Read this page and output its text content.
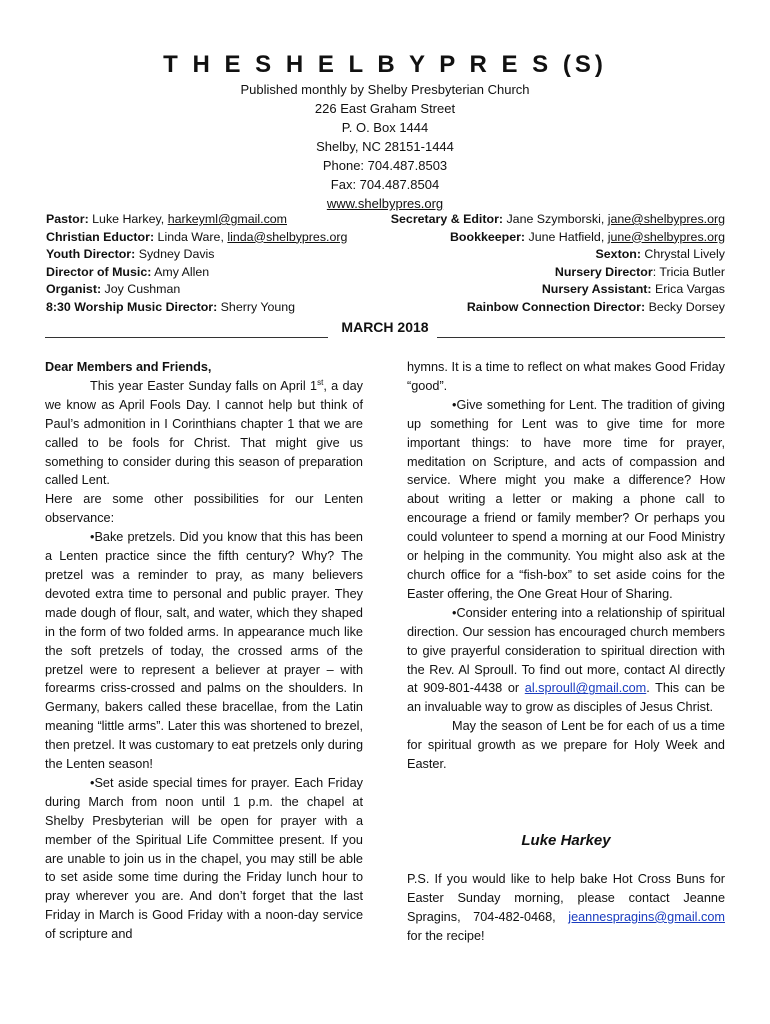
T H E S H E L B Y P R E S (S)
Published monthly by Shelby Presbyterian Church
226 East Graham Street
P. O. Box 1444
Shelby, NC 28151-1444
Phone: 704.487.8503
Fax: 704.487.8504
www.shelbypres.org
Pastor: Luke Harkey, harkeyml@gmail.com
Christian Eductor: Linda Ware, linda@shelbypres.org
Youth Director: Sydney Davis
Director of Music: Amy Allen
Organist: Joy Cushman
8:30 Worship Music Director: Sherry Young
Secretary & Editor: Jane Szymborski, jane@shelbypres.org
Bookkeeper: June Hatfield, june@shelbypres.org
Sexton: Chrystal Lively
Nursery Director: Tricia Butler
Nursery Assistant: Erica Vargas
Rainbow Connection Director: Becky Dorsey
MARCH 2018

Dear Members and Friends,

This year Easter Sunday falls on April 1st, a day we know as April Fools Day. I cannot help but think of Paul’s admonition in I Corinthians chapter 1 that we are called to be fools for Christ. That might give us something to consider during this season of preparation called Lent.

Here are some other possibilities for our Lenten observance:

•Bake pretzels. Did you know that this has been a Lenten practice since the fifth century? Why? The pretzel was a reminder to pray, as many believers devoted extra time to personal and public prayer. They made dough of flour, salt, and water, which they shaped in the form of two folded arms. In appearance much like the soft pretzels of today, the crossed arms of the pretzel were to represent a believer at prayer – with forearms criss-crossed and palms on the shoulders. In Germany, bakers called these bracellae, from the Latin meaning “little arms”. Later this was shortened to brezel, then pretzel. It was customary to eat pretzels only during the Lenten season!

•Set aside special times for prayer. Each Friday during March from noon until 1 p.m. the chapel at Shelby Presbyterian will be open for prayer with a member of the Spiritual Life Committee present. If you are unable to join us in the chapel, you may still be able to set aside some time during the Friday lunch hour to pray wherever you are. And don’t forget that the last Friday in March is Good Friday with a noon-day service of scripture and

hymns. It is a time to reflect on what makes Good Friday “good”.

•Give something for Lent. The tradition of giving up something for Lent was to give time for more important things: to have more time for prayer, meditation on Scripture, and acts of compassion and service. Where might you make a difference? How about writing a letter or making a phone call to encourage a friend or family member? Or perhaps you could volunteer to spend a morning at our Food Ministry or helping in the community. You might also ask at the church office for a “fish-box” to set aside coins for the Easter offering, the One Great Hour of Sharing.

•Consider entering into a relationship of spiritual direction. Our session has encouraged church members to give prayerful consideration to spiritual direction with the Rev. Al Sproull. To find out more, contact Al directly at 909-801-4438 or al.sproull@gmail.com. This can be an invaluable way to grow as disciples of Jesus Christ.

May the season of Lent be for each of us a time for spiritual growth as we prepare for Holy Week and Easter.

Luke Harkey

P.S. If you would like to help bake Hot Cross Buns for Easter Sunday morning, please contact Jeanne Spragins, 704-482-0468, jeannespragins@gmail.com for the recipe!
